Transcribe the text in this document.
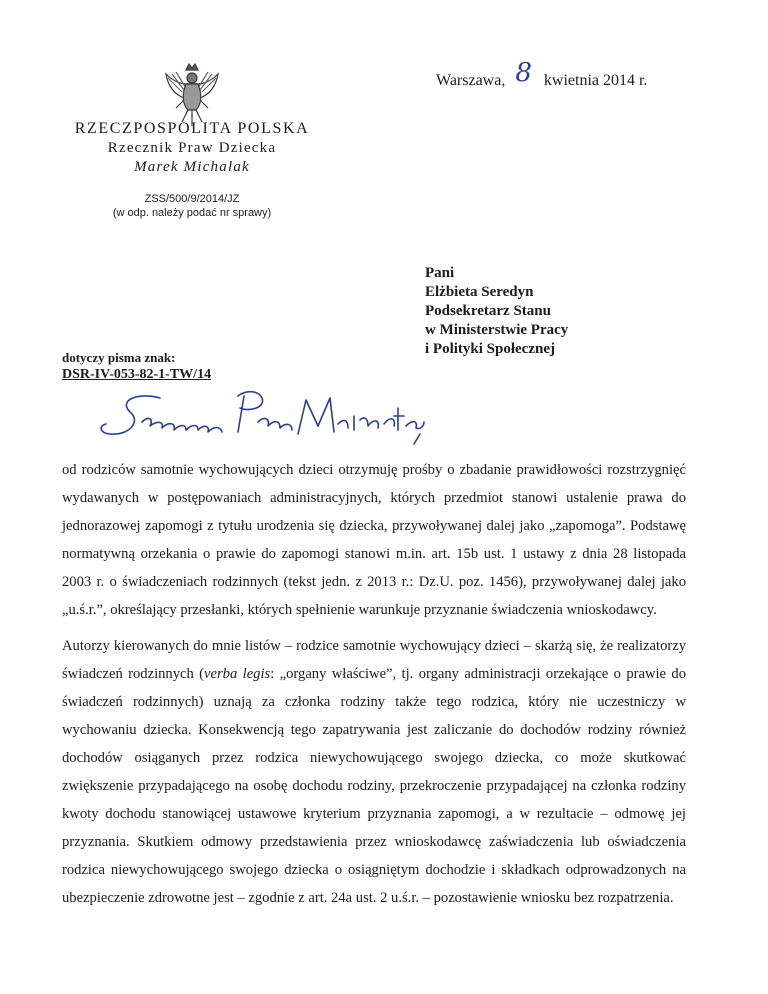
Warszawa, 8 kwietnia 2014 r.
RZECZPOSPOLITA POLSKA
Rzecznik Praw Dziecka
Marek Michalak
ZSS/500/9/2014/JZ
(w odp. należy podać nr sprawy)
Pani
Elżbieta Seredyn
Podsekretarz Stanu
w Ministerstwie Pracy
i Polityki Społecznej
dotyczy pisma znak:
DSR-IV-053-82-1-TW/14

od rodziców samotnie wychowujących dzieci otrzymuję prośby o zbadanie prawidłowości rozstrzygnięć wydawanych w postępowaniach administracyjnych, których przedmiot stanowi ustalenie prawa do jednorazowej zapomogi z tytułu urodzenia się dziecka, przywoływanej dalej jako „zapomoga”. Podstawę normatywną orzekania o prawie do zapomogi stanowi m.in. art. 15b ust. 1 ustawy z dnia 28 listopada 2003 r. o świadczeniach rodzinnych (tekst jedn. z 2013 r.: Dz.U. poz. 1456), przywoływanej dalej jako „u.ś.r.”, określający przesłanki, których spełnienie warunkuje przyznanie świadczenia wnioskodawcy.

Autorzy kierowanych do mnie listów – rodzice samotnie wychowujący dzieci – skarżą się, że realizatorzy świadczeń rodzinnych (verba legis: „organy właściwe”, tj. organy administracji orzekające o prawie do świadczeń rodzinnych) uznają za członka rodziny także tego rodzica, który nie uczestniczy w wychowaniu dziecka. Konsekwencją tego zapatrywania jest zaliczanie do dochodów rodziny również dochodów osiąganych przez rodzica niewychowującego swojego dziecka, co może skutkować zwiększenie przypadającego na osobę dochodu rodziny, przekroczenie przypadającej na członka rodziny kwoty dochodu stanowiącej ustawowe kryterium przyznania zapomogi, a w rezultacie – odmowę jej przyznania. Skutkiem odmowy przedstawienia przez wnioskodawcę zaświadczenia lub oświadczenia rodzica niewychowującego swojego dziecka o osiągniętym dochodzie i składkach odprowadzonych na ubezpieczenie zdrowotne jest – zgodnie z art. 24a ust. 2 u.ś.r. – pozostawienie wniosku bez rozpatrzenia.
